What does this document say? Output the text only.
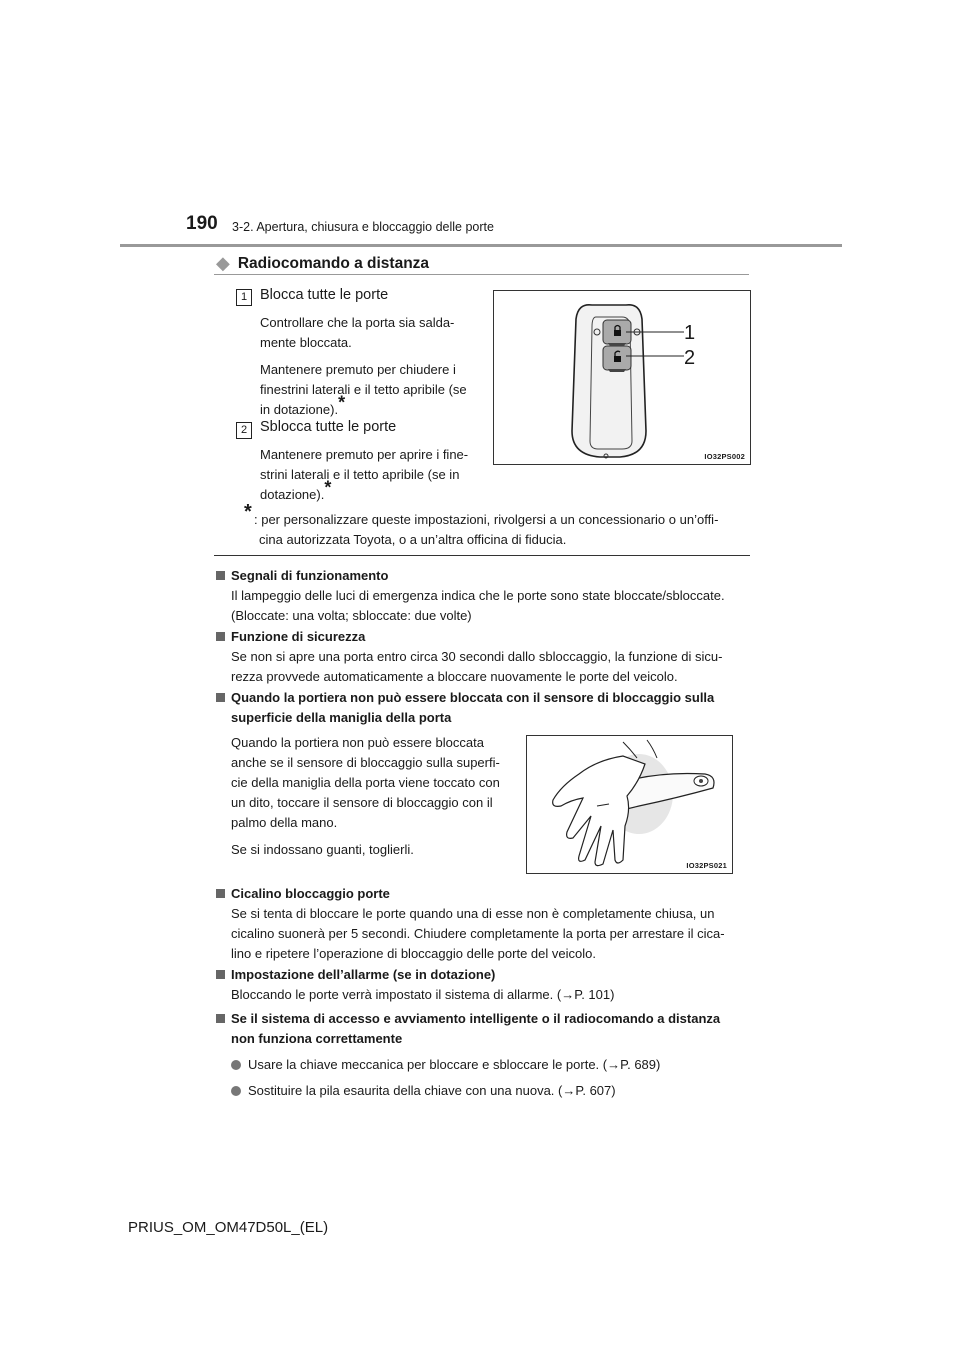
190 3-2. Apertura, chiusura e bloccaggio delle porte
◆ Radiocomando a distanza
1 Blocca tutte le porte
Controllare che la porta sia salda-
mente bloccata.
Mantenere premuto per chiudere i
finestrini laterali e il tetto apribile (se
in dotazione).*
2 Sblocca tutte le porte
Mantenere premuto per aprire i fine-
strini laterali e il tetto apribile (se in
dotazione).*
1
2
IO32PS002
* : per personalizzare queste impostazioni, rivolgersi a un concessionario o un’offi-
cina autorizzata Toyota, o a un’altra officina di fiducia.
Segnali di funzionamento
Il lampeggio delle luci di emergenza indica che le porte sono state bloccate/sbloccate.
(Bloccate: una volta; sbloccate: due volte)
Funzione di sicurezza
Se non si apre una porta entro circa 30 secondi dallo sbloccaggio, la funzione di sicu-
rezza provvede automaticamente a bloccare nuovamente le porte del veicolo.
Quando la portiera non può essere bloccata con il sensore di bloccaggio sulla
superficie della maniglia della porta
Quando la portiera non può essere bloccata
anche se il sensore di bloccaggio sulla superfi-
cie della maniglia della porta viene toccato con
un dito, toccare il sensore di bloccaggio con il
palmo della mano.
Se si indossano guanti, toglierli.
IO32PS021
Cicalino bloccaggio porte
Se si tenta di bloccare le porte quando una di esse non è completamente chiusa, un
cicalino suonerà per 5 secondi. Chiudere completamente la porta per arrestare il cica-
lino e ripetere l’operazione di bloccaggio delle porte del veicolo.
Impostazione dell’allarme (se in dotazione)
Bloccando le porte verrà impostato il sistema di allarme. (→P. 101)
Se il sistema di accesso e avviamento intelligente o il radiocomando a distanza
non funziona correttamente
Usare la chiave meccanica per bloccare e sbloccare le porte. (→P. 689)
Sostituire la pila esaurita della chiave con una nuova. (→P. 607)
PRIUS_OM_OM47D50L_(EL)
